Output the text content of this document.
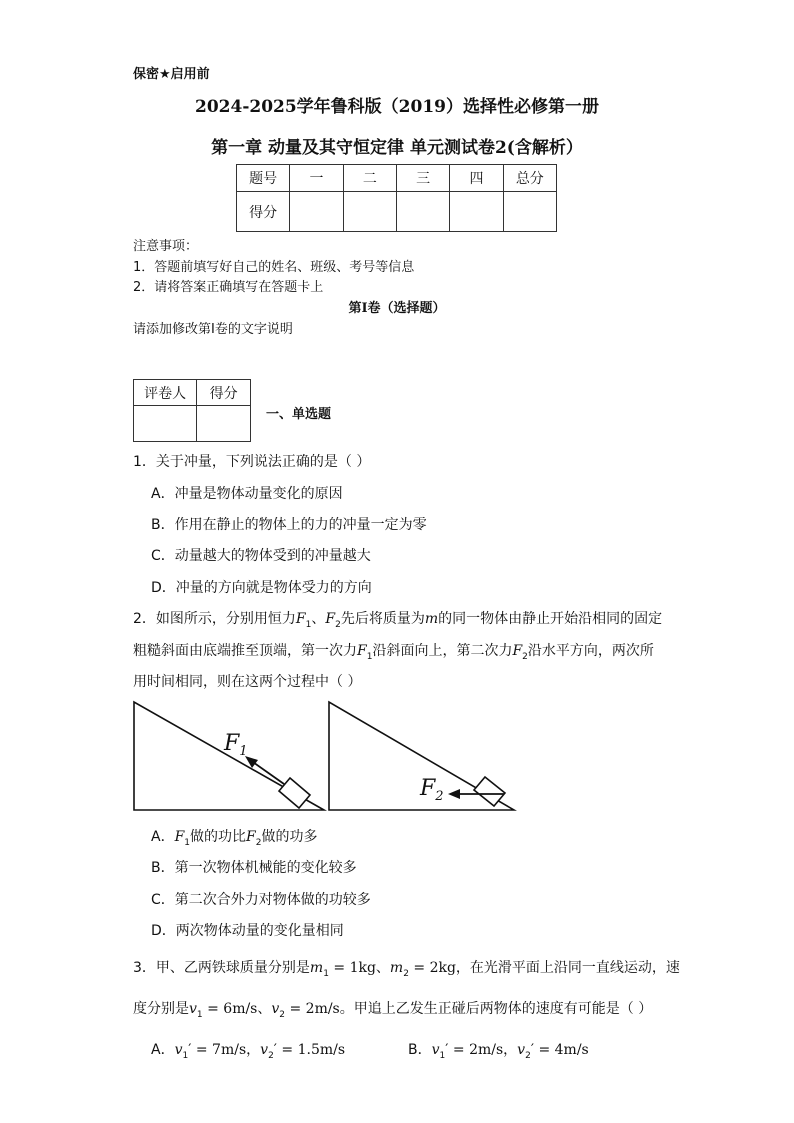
保密★启用前
2024-2025学年鲁科版（2019）选择性必修第一册
第一章 动量及其守恒定律 单元测试卷2(含解析）
题号	一	二	三	四	总分
得分					
注意事项：
1．答题前填写好自己的姓名、班级、考号等信息
2．请将答案正确填写在答题卡上
第I卷（选择题）
请添加修改第I卷的文字说明
评卷人	得分

一、单选题
1．关于冲量，下列说法正确的是（ ）
A．冲量是物体动量变化的原因
B．作用在静止的物体上的力的冲量一定为零
C．动量越大的物体受到的冲量越大
D．冲量的方向就是物体受力的方向
2．如图所示，分别用恒力$F_1$、$F_2$先后将质量为m的同一物体由静止开始沿相同的固定
粗糙斜面由底端推至顶端，第一次力$F_1$沿斜面向上，第二次力$F_2$沿水平方向，两次所
用时间相同，则在这两个过程中（ ）
$F_1$
$F_2$
A．$F_1$做的功比$F_2$做的功多
B．第一次物体机械能的变化较多
C．第二次合外力对物体做的功较多
D．两次物体动量的变化量相同
3．甲、乙两铁球质量分别是$m_1 = 1kg$、$m_2 = 2kg$，在光滑平面上沿同一直线运动，速
度分别是$v_1 = 6m/s$、$v_2 = 2m/s$。甲追上乙发生正碰后两物体的速度有可能是（ ）
A．$v_1' = 7m/s$，$v_2' = 1.5m/s$	B．$v_1' = 2m/s$，$v_2' = 4m/s$
